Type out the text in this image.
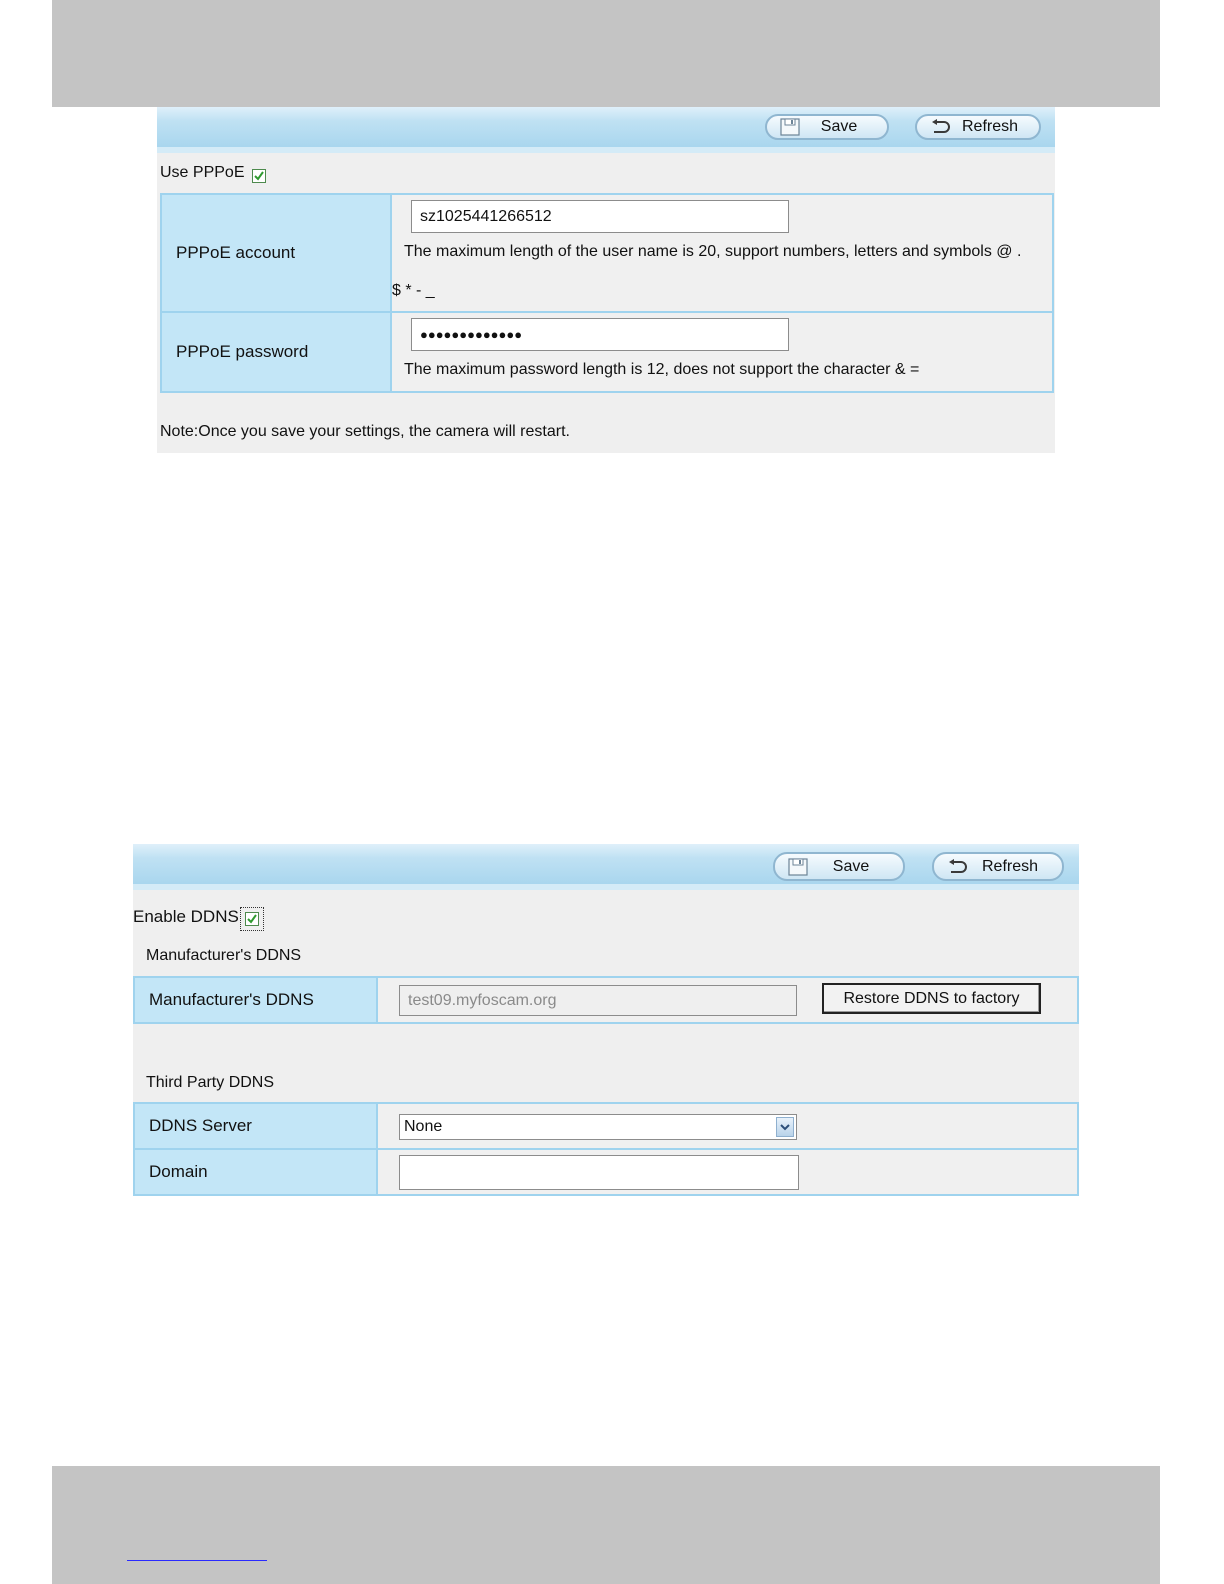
Save	Refresh
Use PPPoE
PPPoE account	sz1025441266512
The maximum length of the user name is 20, support numbers, letters and symbols @ .
$ * - _

PPPoE password	●●●●●●●●●●●●●
The maximum password length is 12, does not support the character & =
Note:Once you save your settings, the camera will restart.
Save	Refresh
Enable DDNS
Manufacturer's DDNS
Manufacturer's DDNS	test09.myfoscam.org	Restore DDNS to factory
Third Party DDNS
DDNS Server	None

Domain	
